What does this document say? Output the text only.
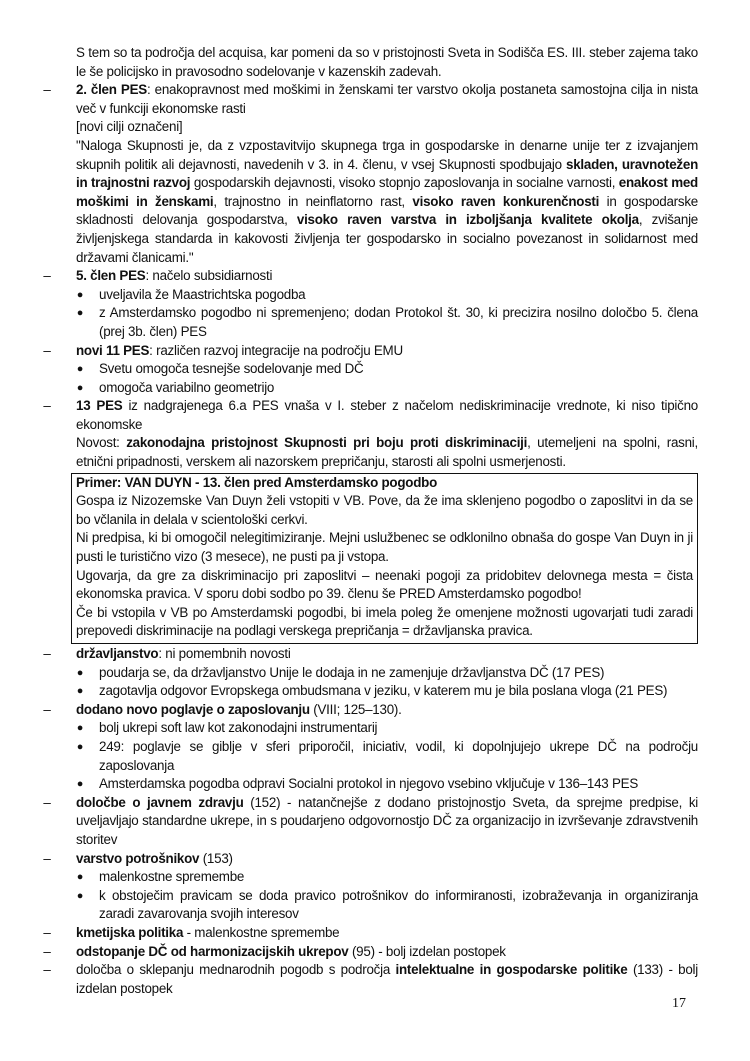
S tem so ta področja del acquisa, kar pomeni da so v pristojnosti Sveta in Sodišča ES. III. steber zajema tako le še policijsko in pravosodno sodelovanje v kazenskih zadevah.
– 2. člen PES: enakopravnost med moškimi in ženskami ter varstvo okolja postaneta samostojna cilja in nista več v funkciji ekonomske rasti
[novi cilji označeni]
"Naloga Skupnosti je, da z vzpostavitvijo skupnega trga in gospodarske in denarne unije ter z izvajanjem skupnih politik ali dejavnosti, navedenih v 3. in 4. členu, v vsej Skupnosti spodbujajo skladen, uravnotežen in trajnostni razvoj gospodarskih dejavnosti, visoko stopnjo zaposlovanja in socialne varnosti, enakost med moškimi in ženskami, trajnostno in neinflatorno rast, visoko raven konkurenčnosti in gospodarske skladnosti delovanja gospodarstva, visoko raven varstva in izboljšanja kvalitete okolja, zvišanje življenjskega standarda in kakovosti življenja ter gospodarsko in socialno povezanost in solidarnost med državami članicami."
– 5. člen PES: načelo subsidiarnosti
● uveljavila že Maastrichtska pogodba
● z Amsterdamsko pogodbo ni spremenjeno; dodan Protokol št. 30, ki precizira nosilno določbo 5. člena (prej 3b. člen) PES
– novi 11 PES: različen razvoj integracije na področju EMU
● Svetu omogoča tesnejše sodelovanje med DČ
● omogoča variabilno geometrijo
– 13 PES iz nadgrajenega 6.a PES vnaša v I. steber z načelom nediskriminacije vrednote, ki niso tipično ekonomske
Novost: zakonodajna pristojnost Skupnosti pri boju proti diskriminaciji, utemeljeni na spolni, rasni, etnični pripadnosti, verskem ali nazorskem prepričanju, starosti ali spolni usmerjenosti.
Primer: VAN DUYN - 13. člen pred Amsterdamsko pogodbo
Gospa iz Nizozemske Van Duyn želi vstopiti v VB. Pove, da že ima sklenjeno pogodbo o zaposlitvi in da se bo včlanila in delala v scientološki cerkvi.
Ni predpisa, ki bi omogočil nelegitimiziranje. Mejni uslužbenec se odklonilno obnaša do gospe Van Duyn in ji pusti le turistično vizo (3 mesece), ne pusti pa ji vstopa.
Ugovarja, da gre za diskriminacijo pri zaposlitvi – neenaki pogoji za pridobitev delovnega mesta = čista ekonomska pravica. V sporu dobi sodbo po 39. členu še PRED Amsterdamsko pogodbo!
Če bi vstopila v VB po Amsterdamski pogodbi, bi imela poleg že omenjene možnosti ugovarjati tudi zaradi prepovedi diskriminacije na podlagi verskega prepričanja = državljanska pravica.
– državljanstvo: ni pomembnih novosti
● poudarja se, da državljanstvo Unije le dodaja in ne zamenjuje državljanstva DČ (17 PES)
● zagotavlja odgovor Evropskega ombudsmana v jeziku, v katerem mu je bila poslana vloga (21 PES)
– dodano novo poglavje o zaposlovanju (VIII; 125–130).
● bolj ukrepi soft law kot zakonodajni instrumentarij
● 249: poglavje se giblje v sferi priporočil, iniciativ, vodil, ki dopolnjujejo ukrepe DČ na področju zaposlovanja
● Amsterdamska pogodba odpravi Socialni protokol in njegovo vsebino vključuje v 136–143 PES
– določbe o javnem zdravju (152) - natančnejše z dodano pristojnostjo Sveta, da sprejme predpise, ki uveljavljajo standardne ukrepe, in s poudarjeno odgovornostjo DČ za organizacijo in izvrševanje zdravstvenih storitev
– varstvo potrošnikov (153)
● malenkostne spremembe
● k obstoječim pravicam se doda pravico potrošnikov do informiranosti, izobraževanja in organiziranja zaradi zavarovanja svojih interesov
– kmetijska politika - malenkostne spremembe
– odstopanje DČ od harmonizacijskih ukrepov (95) - bolj izdelan postopek
– določba o sklepanju mednarodnih pogodb s področja intelektualne in gospodarske politike (133) - bolj izdelan postopek
17
